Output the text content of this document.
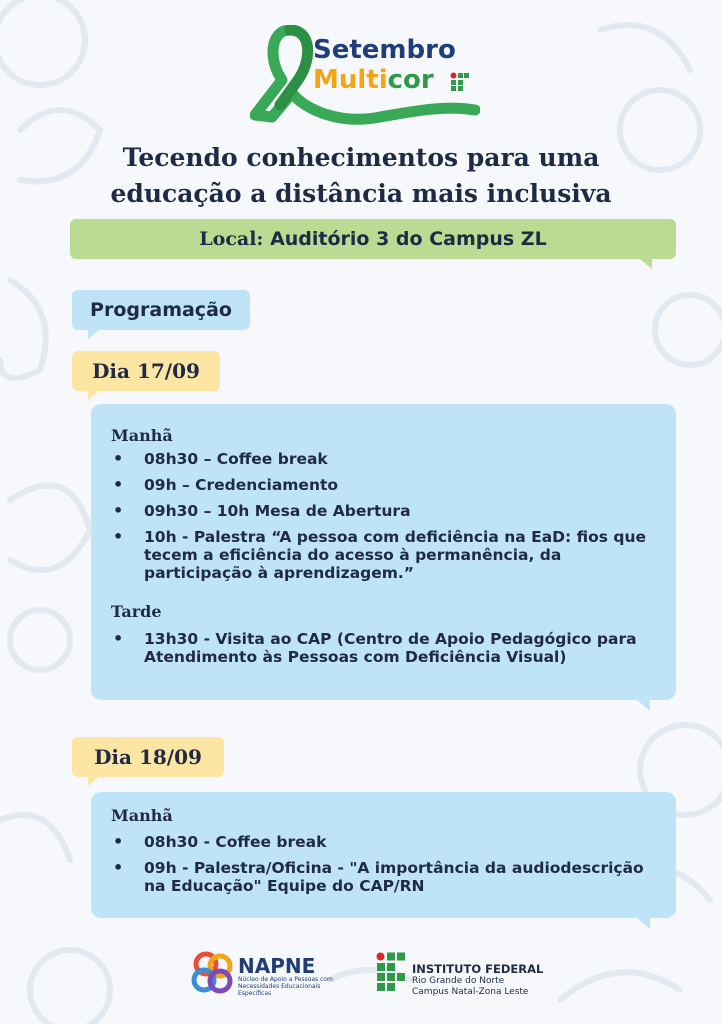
Setembro
Multicor
Tecendo conhecimentos para uma
educação a distância mais inclusiva
Local: Auditório 3 do Campus ZL
Programação
Dia 17/09
Manhã
• 08h30 – Coffee break
• 09h – Credenciamento
• 09h30 – 10h Mesa de Abertura
• 10h - Palestra “A pessoa com deficiência na EaD: fios que tecem a eficiência do acesso à permanência, da participação à aprendizagem.”
Tarde
• 13h30 - Visita ao CAP (Centro de Apoio Pedagógico para Atendimento às Pessoas com Deficiência Visual)
Dia 18/09
Manhã
• 08h30 - Coffee break
• 09h - Palestra/Oficina - "A importância da audiodescrição na Educação" Equipe do CAP/RN
NAPNE
Núcleo de Apoio a Pessoas com Necessidades Educacionais Específicas
INSTITUTO FEDERAL
Rio Grande do Norte
Campus Natal-Zona Leste
